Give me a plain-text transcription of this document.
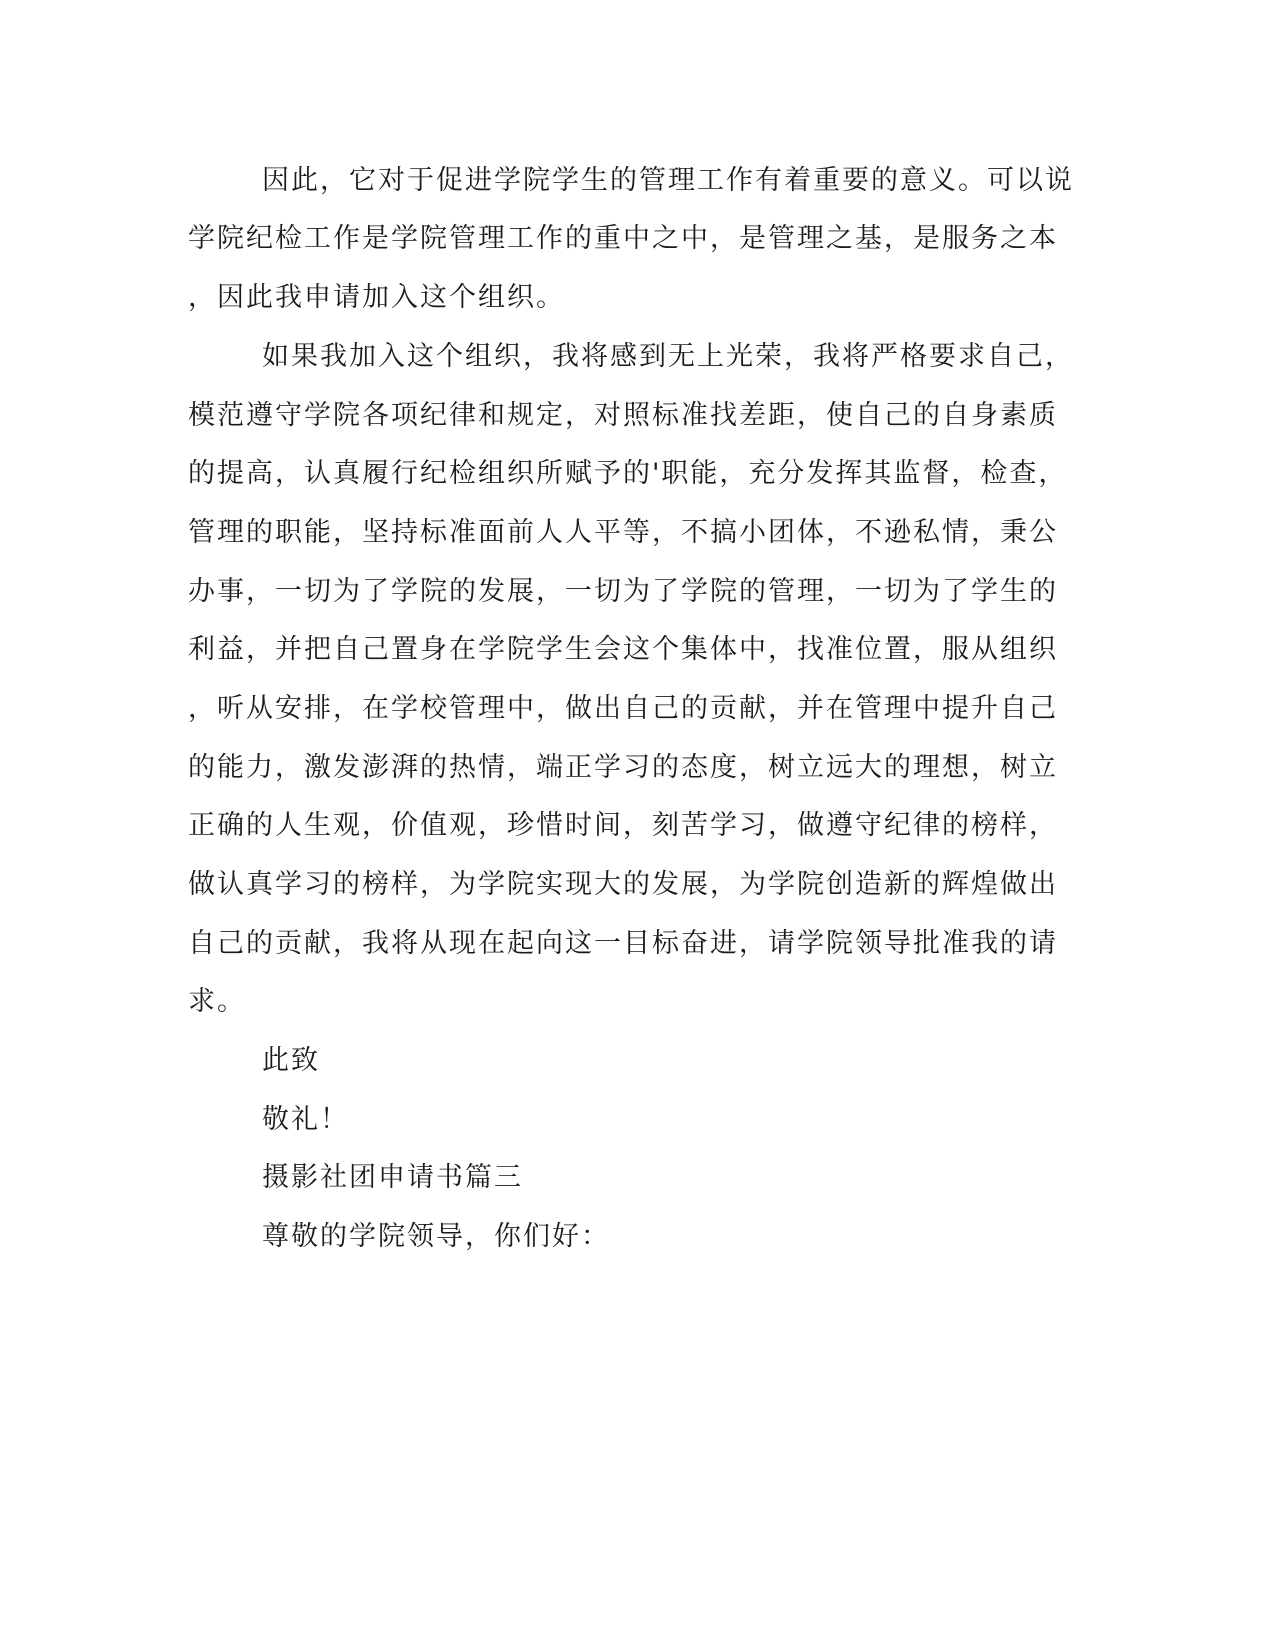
因此，它对于促进学院学生的管理工作有着重要的意义。可以说
学院纪检工作是学院管理工作的重中之中，是管理之基，是服务之本
，因此我申请加入这个组织。
如果我加入这个组织，我将感到无上光荣，我将严格要求自己，
模范遵守学院各项纪律和规定，对照标准找差距，使自己的自身素质
的提高，认真履行纪检组织所赋予的'职能，充分发挥其监督，检查，
管理的职能，坚持标准面前人人平等，不搞小团体，不逊私情，秉公
办事，一切为了学院的发展，一切为了学院的管理，一切为了学生的
利益，并把自己置身在学院学生会这个集体中，找准位置，服从组织
，听从安排，在学校管理中，做出自己的贡献，并在管理中提升自己
的能力，激发澎湃的热情，端正学习的态度，树立远大的理想，树立
正确的人生观，价值观，珍惜时间，刻苦学习，做遵守纪律的榜样，
做认真学习的榜样，为学院实现大的发展，为学院创造新的辉煌做出
自己的贡献，我将从现在起向这一目标奋进，请学院领导批准我的请
求。
此致
敬礼！
摄影社团申请书篇三
尊敬的学院领导，你们好：
